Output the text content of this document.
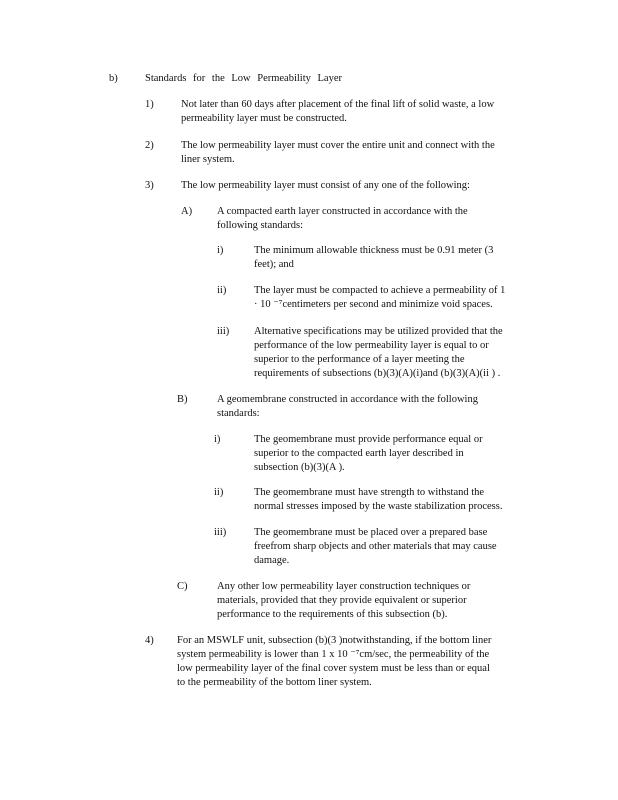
b)	Standards for the Low Permeability Layer
1)	Not later than 60 days after placement of the final lift of solid waste, a low
permeability layer must be constructed.
2)	The low permeability layer must cover the entire unit and connect with the
liner system.
3)	The low permeability layer must consist of any one of the following:
A) A compacted earth layer constructed in accordance with the
following standards:
i)	The minimum allowable thickness must be 0.91 meter (3
feet); and
ii)	The layer must be compacted to achieve a permeability of 1
· 10 ⁻⁷centimeters per second and minimize void spaces.
iii) Alternative specifications may be utilized provided that the
performance of the low permeability layer is equal to or
superior to the performance of a layer meeting the
requirements of subsections (b)(3)(A)(i)and (b)(3)(A)(ii ) .
B)	A geomembrane constructed in accordance with the following
standards:
i)	The geomembrane must provide performance equal or
superior to the compacted earth layer described in
subsection (b)(3)(A ).
ii)	The geomembrane must have strength to withstand the
normal stresses imposed by the waste stabilization process.
iii)	The geomembrane must be placed over a prepared base
freefrom sharp objects and other materials that may cause
damage.
C)	Any other low permeability layer construction techniques or
materials, provided that they provide equivalent or superior
performance to the requirements of this subsection (b).
4) For an MSWLF unit, subsection (b)(3 )notwithstanding, if the bottom liner
system permeability is lower than 1 x 10 ⁻⁷cm/sec, the permeability of the
low permeability layer of the final cover system must be less than or equal
to the permeability of the bottom liner system.
